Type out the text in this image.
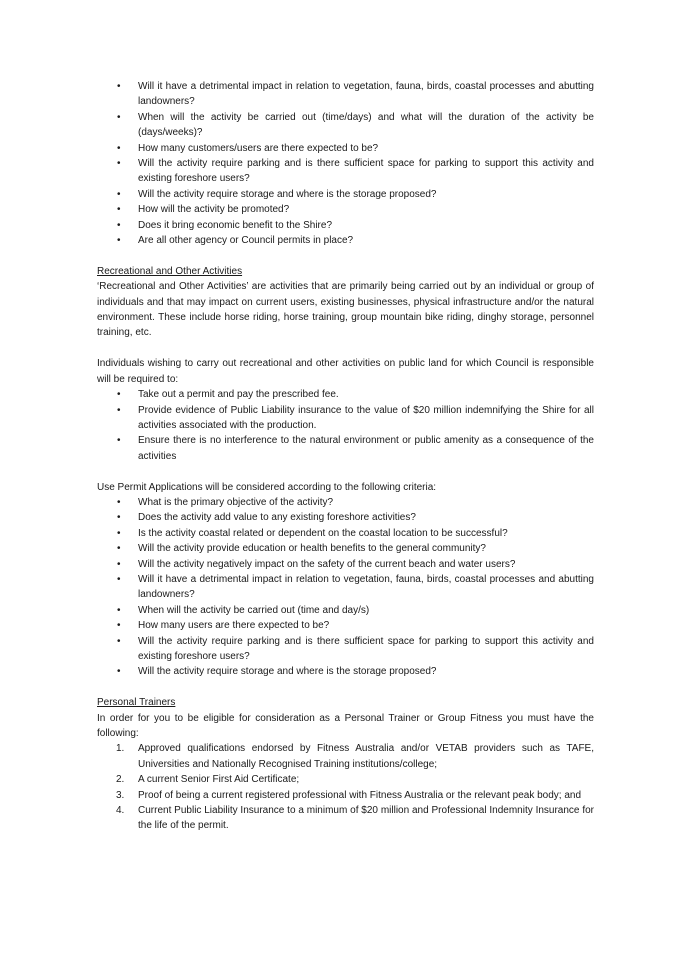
• Will it have a detrimental impact in relation to vegetation, fauna, birds, coastal processes and abutting landowners?
• When will the activity be carried out (time/days) and what will the duration of the activity be (days/weeks)?
• How many customers/users are there expected to be?
• Will the activity require parking and is there sufficient space for parking to support this activity and existing foreshore users?
• Will the activity require storage and where is the storage proposed?
• How will the activity be promoted?
• Does it bring economic benefit to the Shire?
• Are all other agency or Council permits in place?
Recreational and Other Activities
‘Recreational and Other Activities’ are activities that are primarily being carried out by an individual or group of individuals and that may impact on current users, existing businesses, physical infrastructure and/or the natural environment. These include horse riding, horse training, group mountain bike riding, dinghy storage, personnel training, etc.
Individuals wishing to carry out recreational and other activities on public land for which Council is responsible will be required to:
• Take out a permit and pay the prescribed fee.
• Provide evidence of Public Liability insurance to the value of $20 million indemnifying the Shire for all activities associated with the production.
• Ensure there is no interference to the natural environment or public amenity as a consequence of the activities
Use Permit Applications will be considered according to the following criteria:
• What is the primary objective of the activity?
• Does the activity add value to any existing foreshore activities?
• Is the activity coastal related or dependent on the coastal location to be successful?
• Will the activity provide education or health benefits to the general community?
• Will the activity negatively impact on the safety of the current beach and water users?
• Will it have a detrimental impact in relation to vegetation, fauna, birds, coastal processes and abutting landowners?
• When will the activity be carried out (time and day/s)
• How many users are there expected to be?
• Will the activity require parking and is there sufficient space for parking to support this activity and existing foreshore users?
• Will the activity require storage and where is the storage proposed?
Personal Trainers
In order for you to be eligible for consideration as a Personal Trainer or Group Fitness you must have the following:
1. Approved qualifications endorsed by Fitness Australia and/or VETAB providers such as TAFE, Universities and Nationally Recognised Training institutions/college;
2. A current Senior First Aid Certificate;
3. Proof of being a current registered professional with Fitness Australia or the relevant peak body; and
4. Current Public Liability Insurance to a minimum of $20 million and Professional Indemnity Insurance for the life of the permit.
